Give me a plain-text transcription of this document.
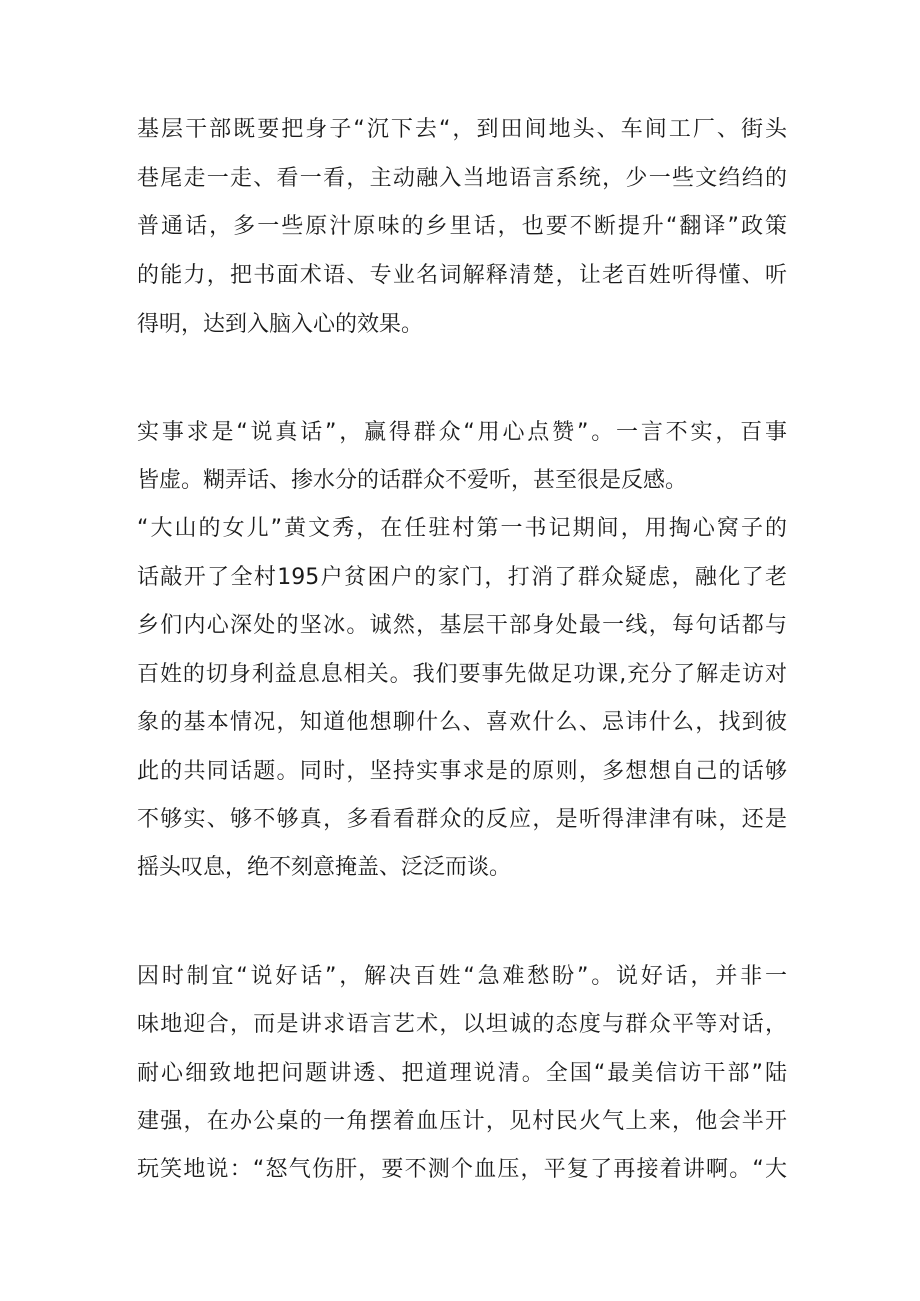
基层干部既要把身子“沉下去“，到田间地头、车间工厂、街头
巷尾走一走、看一看，主动融入当地语言系统，少一些文绉绉的
普通话，多一些原汁原味的乡里话，也要不断提升“翻译”政策
的能力，把书面术语、专业名词解释清楚，让老百姓听得懂、听
得明，达到入脑入心的效果。
实事求是“说真话”，赢得群众“用心点赞”。一言不实，百事
皆虚。糊弄话、掺水分的话群众不爱听，甚至很是反感。
“大山的女儿”黄文秀，在任驻村第一书记期间，用掏心窝子的
话敲开了全村195户贫困户的家门，打消了群众疑虑，融化了老
乡们内心深处的坚冰。诚然，基层干部身处最一线，每句话都与
百姓的切身利益息息相关。我们要事先做足功课,充分了解走访对
象的基本情况，知道他想聊什么、喜欢什么、忌讳什么，找到彼
此的共同话题。同时，坚持实事求是的原则，多想想自己的话够
不够实、够不够真，多看看群众的反应，是听得津津有味，还是
摇头叹息，绝不刻意掩盖、泛泛而谈。
因时制宜“说好话”，解决百姓“急难愁盼”。说好话，并非一
味地迎合，而是讲求语言艺术，以坦诚的态度与群众平等对话，
耐心细致地把问题讲透、把道理说清。全国“最美信访干部”陆
建强，在办公桌的一角摆着血压计，见村民火气上来，他会半开
玩笑地说：“怒气伤肝，要不测个血压，平复了再接着讲啊。“大
